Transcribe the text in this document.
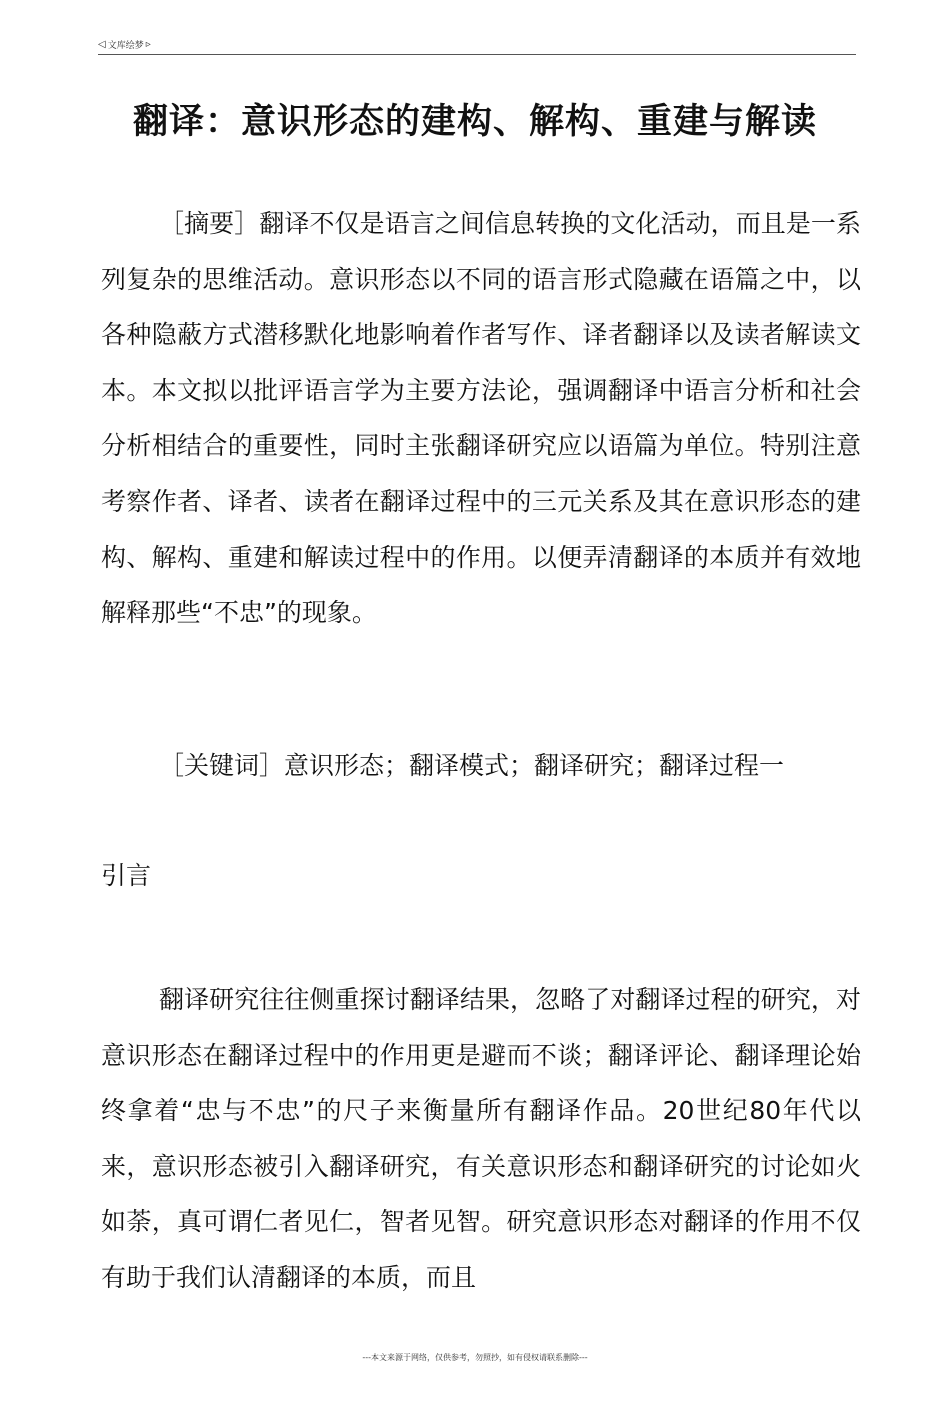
◁ 文库绘梦 ▹
翻译：意识形态的建构、解构、重建与解读
［摘要］翻译不仅是语言之间信息转换的文化活动，而且是一系列复杂的思维活动。意识形态以不同的语言形式隐藏在语篇之中，以各种隐蔽方式潜移默化地影响着作者写作、译者翻译以及读者解读文本。本文拟以批评语言学为主要方法论，强调翻译中语言分析和社会分析相结合的重要性，同时主张翻译研究应以语篇为单位。特别注意考察作者、译者、读者在翻译过程中的三元关系及其在意识形态的建构、解构、重建和解读过程中的作用。以便弄清翻译的本质并有效地解释那些“不忠”的现象。
［关键词］意识形态；翻译模式；翻译研究；翻译过程一
引言
翻译研究往往侧重探讨翻译结果，忽略了对翻译过程的研究，对意识形态在翻译过程中的作用更是避而不谈；翻译评论、翻译理论始终拿着“忠与不忠”的尺子来衡量所有翻译作品。20世纪80年代以来，意识形态被引入翻译研究，有关意识形态和翻译研究的讨论如火如荼，真可谓仁者见仁，智者见智。研究意识形态对翻译的作用不仅有助于我们认清翻译的本质，而且
---本文来源于网络，仅供参考，勿照抄，如有侵权请联系删除---
